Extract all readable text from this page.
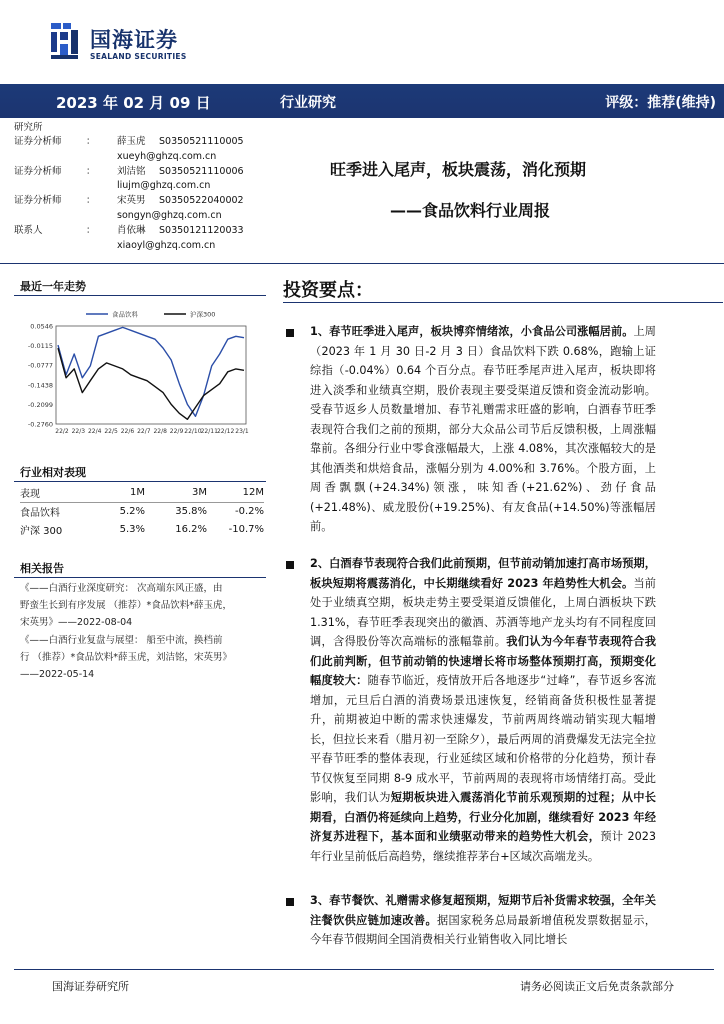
国海证券
SEALAND SECURITIES
2023 年 02 月 09 日	行业研究	评级：推荐(维持)
研究所
证券分析师	： 薛玉虎 S0350521110005
xueyh@ghzq.com.cn
证券分析师	： 刘洁铭 S0350521110006
liujm@ghzq.com.cn
证券分析师	： 宋英男 S0350522040002
songyn@ghzq.com.cn
联系人	： 肖依琳 S0350121120033
xiaoyl@ghzq.com.cn
旺季进入尾声，板块震荡，消化预期
——食品饮料行业周报
最近一年走势
0.0546
-0.0115
-0.0777
-0.1438
-0.2099
-0.2760
22/2 22/3 22/4 22/5 22/6 22/7 22/8 22/9 22/10 22/11 22/12 23/1
食品饮料	沪深300
行业相对表现
表现	1M	3M	12M
食品饮料	5.2%	35.8%	-0.2%
沪深 300	5.3%	16.2%	-10.7%
相关报告
《——白酒行业深度研究： 次高端东风正盛，由
野蛮生长到有序发展 （推荐）*食品饮料*薛玉虎，
宋英男》——2022-08-04
《——白酒行业复盘与展望： 船至中流，换档前
行 （推荐）*食品饮料*薛玉虎，刘洁铭，宋英男》
——2022-05-14
投资要点：
1、春节旺季进入尾声，板块博弈情绪浓，小食品公司涨幅居前。上周（2023 年 1 月 30 日-2 月 3 日）食品饮料下跌 0.68%，跑输上证综指（-0.04%）0.64 个百分点。春节旺季尾声进入尾声，板块即将进入淡季和业绩真空期，股价表现主要受渠道反馈和资金流动影响。受春节返乡人员数量增加、春节礼赠需求旺盛的影响，白酒春节旺季表现符合我们之前的预期，部分大众品公司节后反馈积极，上周涨幅靠前。各细分行业中零食涨幅最大，上涨 4.08%，其次涨幅较大的是其他酒类和烘焙食品，涨幅分别为 4.00%和 3.76%。个股方面，上周香飘飘(+24.34%)领涨，味知香(+21.62%)、劲仔食品(+21.48%)、威龙股份(+19.25%)、有友食品(+14.50%)等涨幅居前。
2、白酒春节表现符合我们此前预期，但节前动销加速打高市场预期，板块短期将震荡消化，中长期继续看好 2023 年趋势性大机会。当前处于业绩真空期，板块走势主要受渠道反馈催化，上周白酒板块下跌 1.31%，春节旺季表现突出的徽酒、苏酒等地产龙头均有不同程度回调，含得股份等次高端标的涨幅靠前。我们认为今年春节表现符合我们此前判断，但节前动销的快速增长将市场整体预期打高，预期变化幅度较大：随春节临近，疫情放开后各地逐步“过峰”，春节返乡客流增加，元旦后白酒的消费场景迅速恢复，经销商备货积极性显著提升，前期被迫中断的需求快速爆发，节前两周终端动销实现大幅增长，但拉长来看（腊月初一至除夕），最后两周的消费爆发无法完全拉平春节旺季的整体表现，行业延续区域和价格带的分化趋势，预计春节仅恢复至同期 8-9 成水平，节前两周的表现将市场情绪打高。受此影响，我们认为短期板块进入震荡消化节前乐观预期的过程；从中长期看，白酒仍将延续向上趋势，行业分化加剧，继续看好 2023 年经济复苏进程下，基本面和业绩驱动带来的趋势性大机会，预计 2023 年行业呈前低后高趋势，继续推荐茅台+区域次高端龙头。
3、春节餐饮、礼赠需求修复超预期，短期节后补货需求较强，全年关注餐饮供应链加速改善。据国家税务总局最新增值税发票数据显示，今年春节假期间全国消费相关行业销售收入同比增长
国海证券研究所	请务必阅读正文后免责条款部分
